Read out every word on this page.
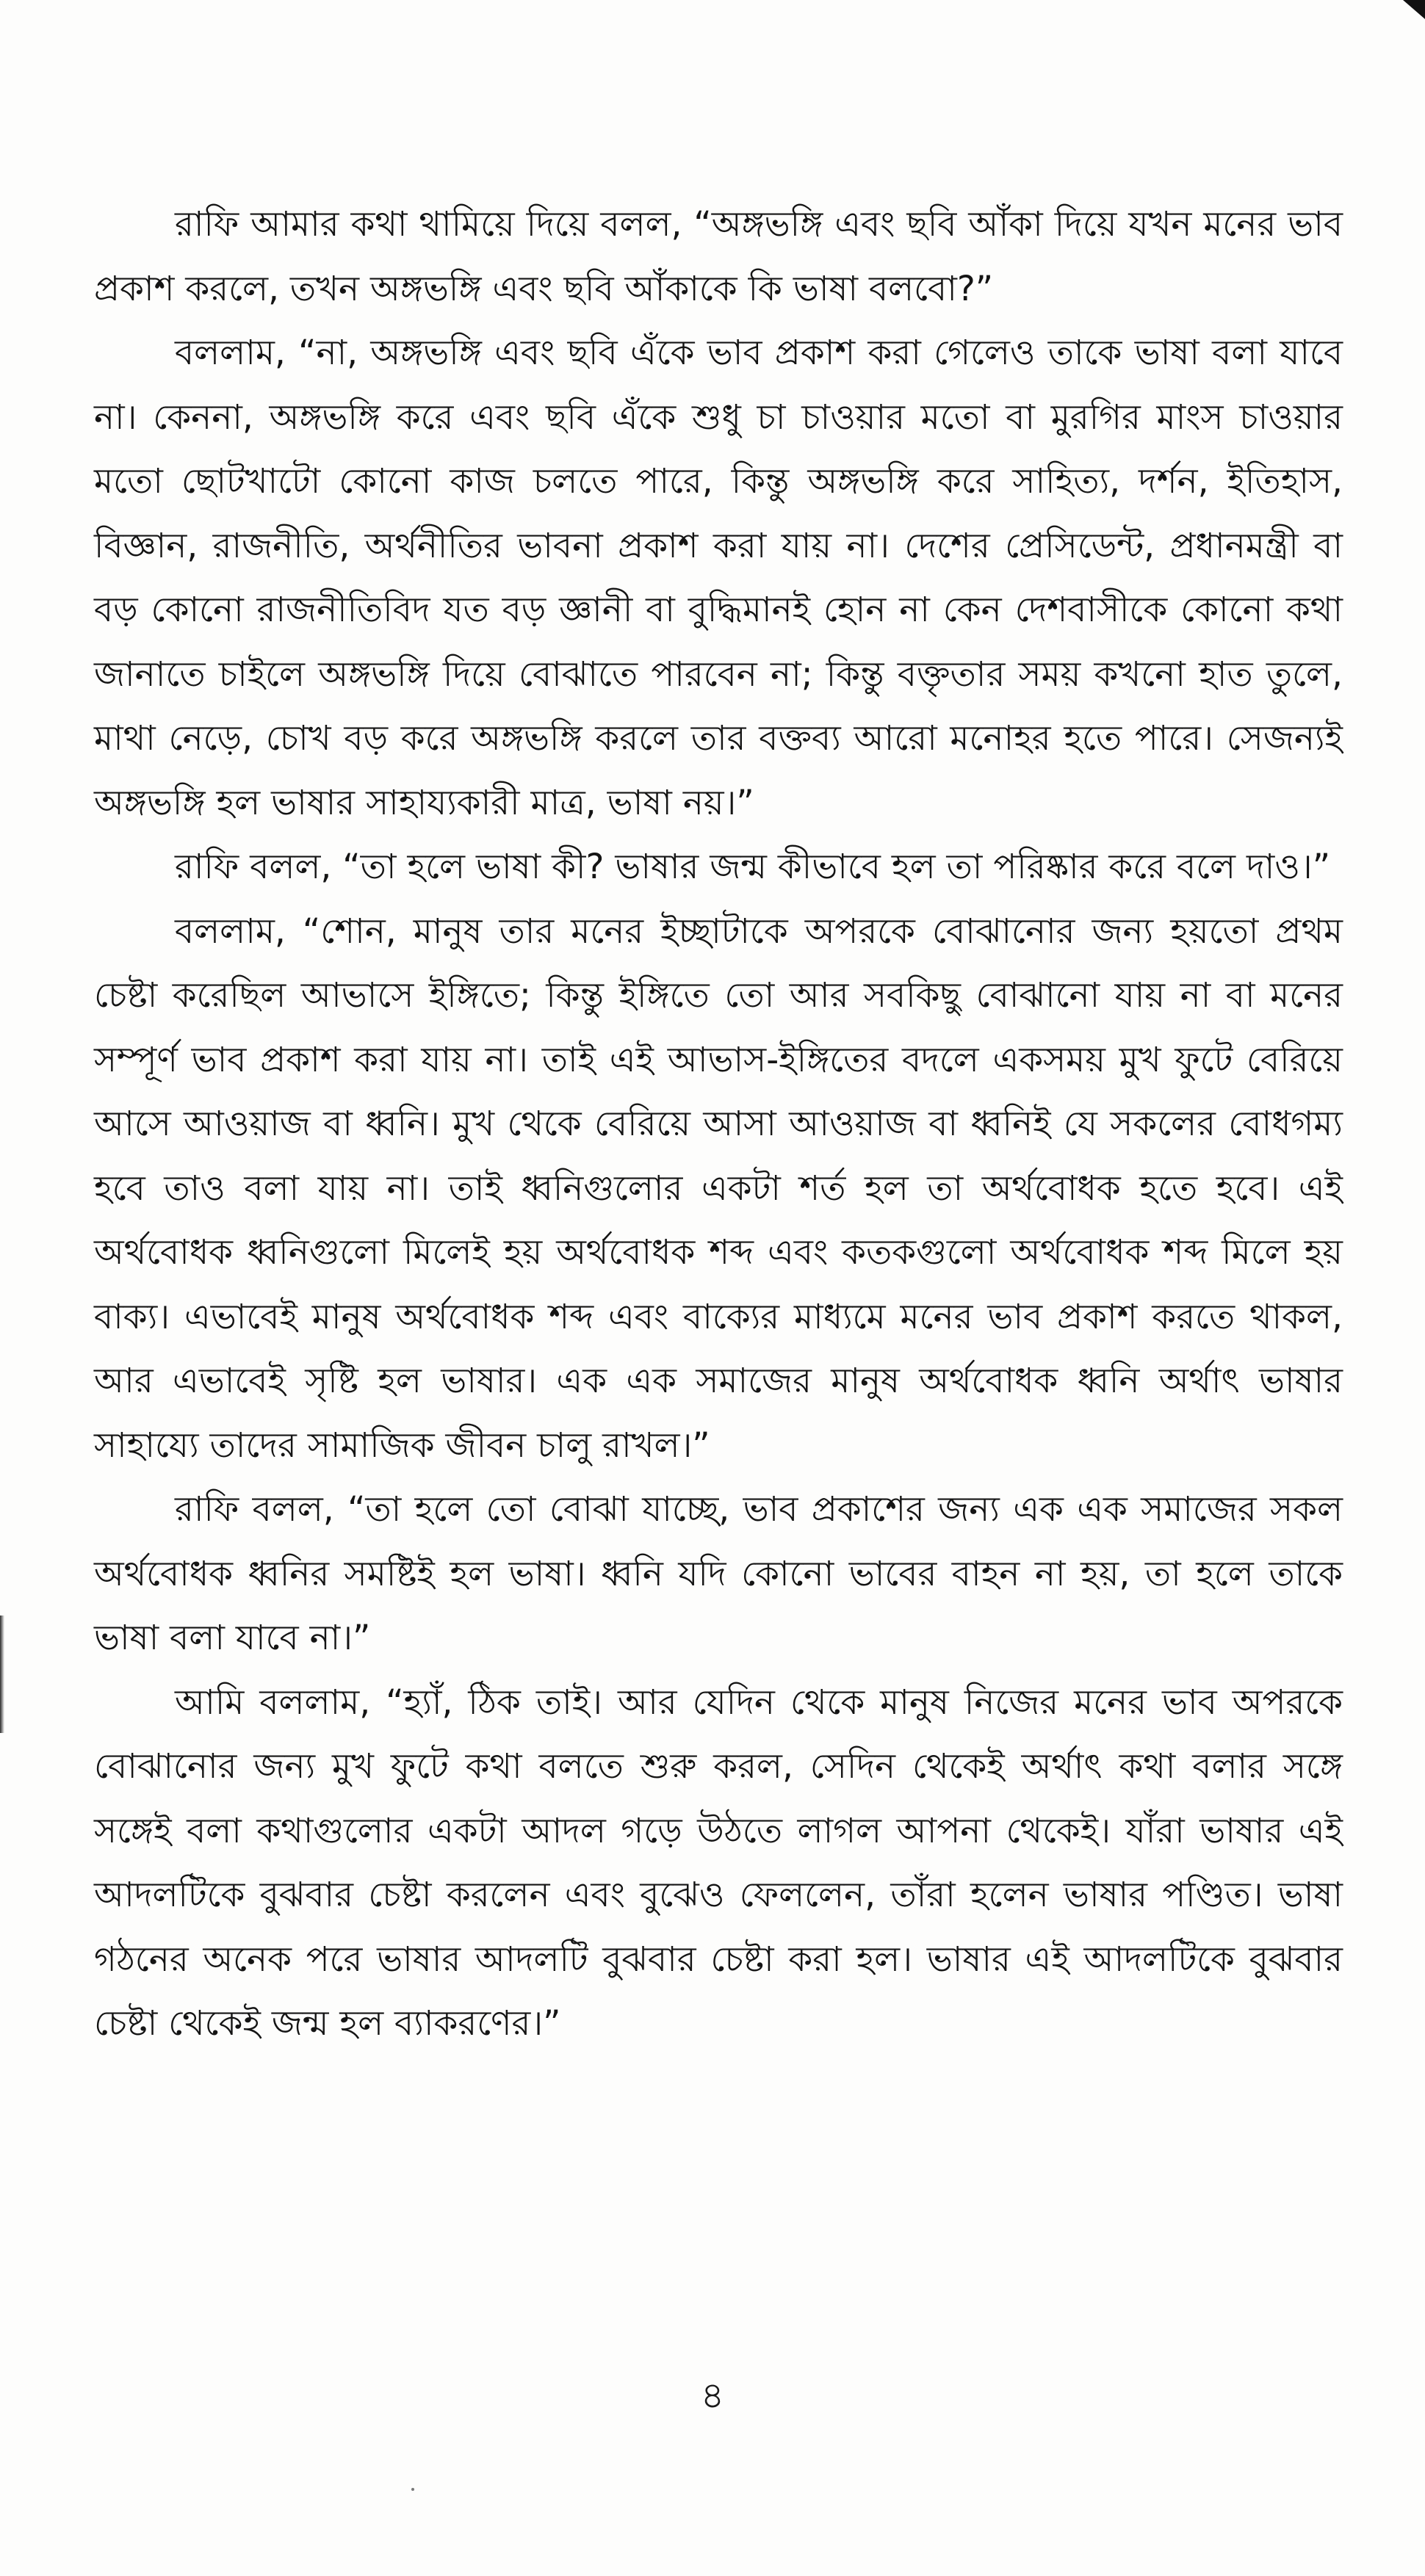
রাফি আমার কথা থামিয়ে দিয়ে বলল, “অঙ্গভঙ্গি এবং ছবি আঁকা দিয়ে যখন মনের ভাব প্রকাশ করলে, তখন অঙ্গভঙ্গি এবং ছবি আঁকাকে কি ভাষা বলবো?”

বললাম, “না, অঙ্গভঙ্গি এবং ছবি এঁকে ভাব প্রকাশ করা গেলেও তাকে ভাষা বলা যাবে না। কেননা, অঙ্গভঙ্গি করে এবং ছবি এঁকে শুধু চা চাওয়ার মতো বা মুরগির মাংস চাওয়ার মতো ছোটখাটো কোনো কাজ চলতে পারে, কিন্তু অঙ্গভঙ্গি করে সাহিত্য, দর্শন, ইতিহাস, বিজ্ঞান, রাজনীতি, অর্থনীতির ভাবনা প্রকাশ করা যায় না। দেশের প্রেসিডেন্ট, প্রধানমন্ত্রী বা বড় কোনো রাজনীতিবিদ যত বড় জ্ঞানী বা বুদ্ধিমানই হোন না কেন দেশবাসীকে কোনো কথা জানাতে চাইলে অঙ্গভঙ্গি দিয়ে বোঝাতে পারবেন না; কিন্তু বক্তৃতার সময় কখনো হাত তুলে, মাথা নেড়ে, চোখ বড় করে অঙ্গভঙ্গি করলে তার বক্তব্য আরো মনোহর হতে পারে। সেজন্যই অঙ্গভঙ্গি হল ভাষার সাহায্যকারী মাত্র, ভাষা নয়।”

রাফি বলল, “তা হলে ভাষা কী? ভাষার জন্ম কীভাবে হল তা পরিষ্কার করে বলে দাও।”

বললাম, “শোন, মানুষ তার মনের ইচ্ছাটাকে অপরকে বোঝানোর জন্য হয়তো প্রথম চেষ্টা করেছিল আভাসে ইঙ্গিতে; কিন্তু ইঙ্গিতে তো আর সবকিছু বোঝানো যায় না বা মনের সম্পূর্ণ ভাব প্রকাশ করা যায় না। তাই এই আভাস-ইঙ্গিতের বদলে একসময় মুখ ফুটে বেরিয়ে আসে আওয়াজ বা ধ্বনি। মুখ থেকে বেরিয়ে আসা আওয়াজ বা ধ্বনিই যে সকলের বোধগম্য হবে তাও বলা যায় না। তাই ধ্বনিগুলোর একটা শর্ত হল তা অর্থবোধক হতে হবে। এই অর্থবোধক ধ্বনিগুলো মিলেই হয় অর্থবোধক শব্দ এবং কতকগুলো অর্থবোধক শব্দ মিলে হয় বাক্য। এভাবেই মানুষ অর্থবোধক শব্দ এবং বাক্যের মাধ্যমে মনের ভাব প্রকাশ করতে থাকল, আর এভাবেই সৃষ্টি হল ভাষার। এক এক সমাজের মানুষ অর্থবোধক ধ্বনি অর্থাৎ ভাষার সাহায্যে তাদের সামাজিক জীবন চালু রাখল।”

রাফি বলল, “তা হলে তো বোঝা যাচ্ছে, ভাব প্রকাশের জন্য এক এক সমাজের সকল অর্থবোধক ধ্বনির সমষ্টিই হল ভাষা। ধ্বনি যদি কোনো ভাবের বাহন না হয়, তা হলে তাকে ভাষা বলা যাবে না।”

আমি বললাম, “হ্যাঁ, ঠিক তাই। আর যেদিন থেকে মানুষ নিজের মনের ভাব অপরকে বোঝানোর জন্য মুখ ফুটে কথা বলতে শুরু করল, সেদিন থেকেই অর্থাৎ কথা বলার সঙ্গে সঙ্গেই বলা কথাগুলোর একটা আদল গড়ে উঠতে লাগল আপনা থেকেই। যাঁরা ভাষার এই আদলটিকে বুঝবার চেষ্টা করলেন এবং বুঝেও ফেললেন, তাঁরা হলেন ভাষার পণ্ডিত। ভাষা গঠনের অনেক পরে ভাষার আদলটি বুঝবার চেষ্টা করা হল। ভাষার এই আদলটিকে বুঝবার চেষ্টা থেকেই জন্ম হল ব্যাকরণের।”

৪
